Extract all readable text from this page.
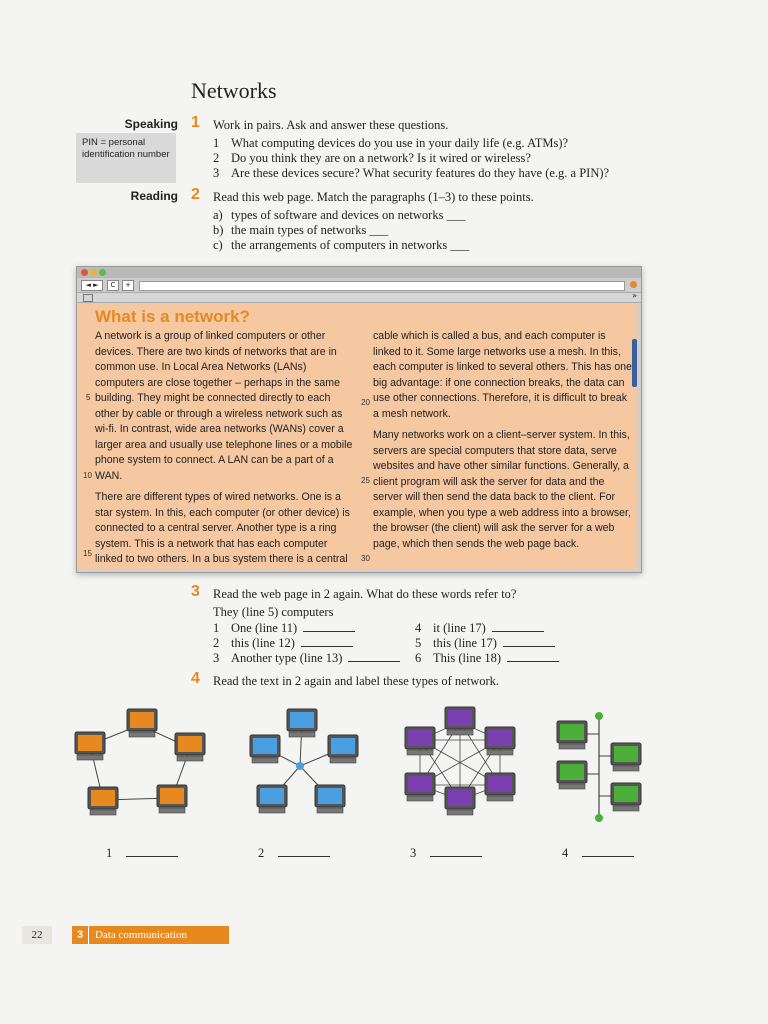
Networks
Speaking 1 Work in pairs. Ask and answer these questions.
PIN = personal identification number
1 What computing devices do you use in your daily life (e.g. ATMs)?
2 Do you think they are on a network? Is it wired or wireless?
3 Are these devices secure? What security features do they have (e.g. a PIN)?
Reading 2 Read this web page. Match the paragraphs (1–3) to these points.
a) types of software and devices on networks ___
b) the main types of networks ___
c) the arrangements of computers in networks ___
◄ ►	C	+
»
What is a network?

A network is a group of linked computers or other devices. There are two kinds of networks that are in common use. In Local Area Networks (LANs) computers are close together – perhaps in the same building. They might be connected directly to each other by cable or through a wireless network such as wi-fi. In contrast, wide area networks (WANs) cover a larger area and usually use telephone lines or a mobile phone system to connect. A LAN can be a part of a WAN.

There are different types of wired networks. One is a star system. In this, each computer (or other device) is connected to a central server. Another type is a ring system. This is a network that has each computer linked to two others. In a bus system there is a central

cable which is called a bus, and each computer is linked to it. Some large networks use a mesh. In this, each computer is linked to several others. This has one big advantage: if one connection breaks, the data can use other connections. Therefore, it is difficult to break a mesh network.

Many networks work on a client–server system. In this, servers are special computers that store data, serve websites and have other similar functions. Generally, a client program will ask the server for data and the server will then send the data back to the client. For example, when you type a web address into a browser, the browser (the client) will ask the server for a web page, which then sends the web page back.

5
10
15
20
25
30
3 Read the web page in 2 again. What do these words refer to?
They (line 5) computers
1 One (line 11)
2 this (line 12)
3 Another type (line 13)
4 it (line 17)
5 this (line 17)
6 This (line 18)
4 Read the text in 2 again and label these types of network.
1	2	3	4
22	3 Data communication
